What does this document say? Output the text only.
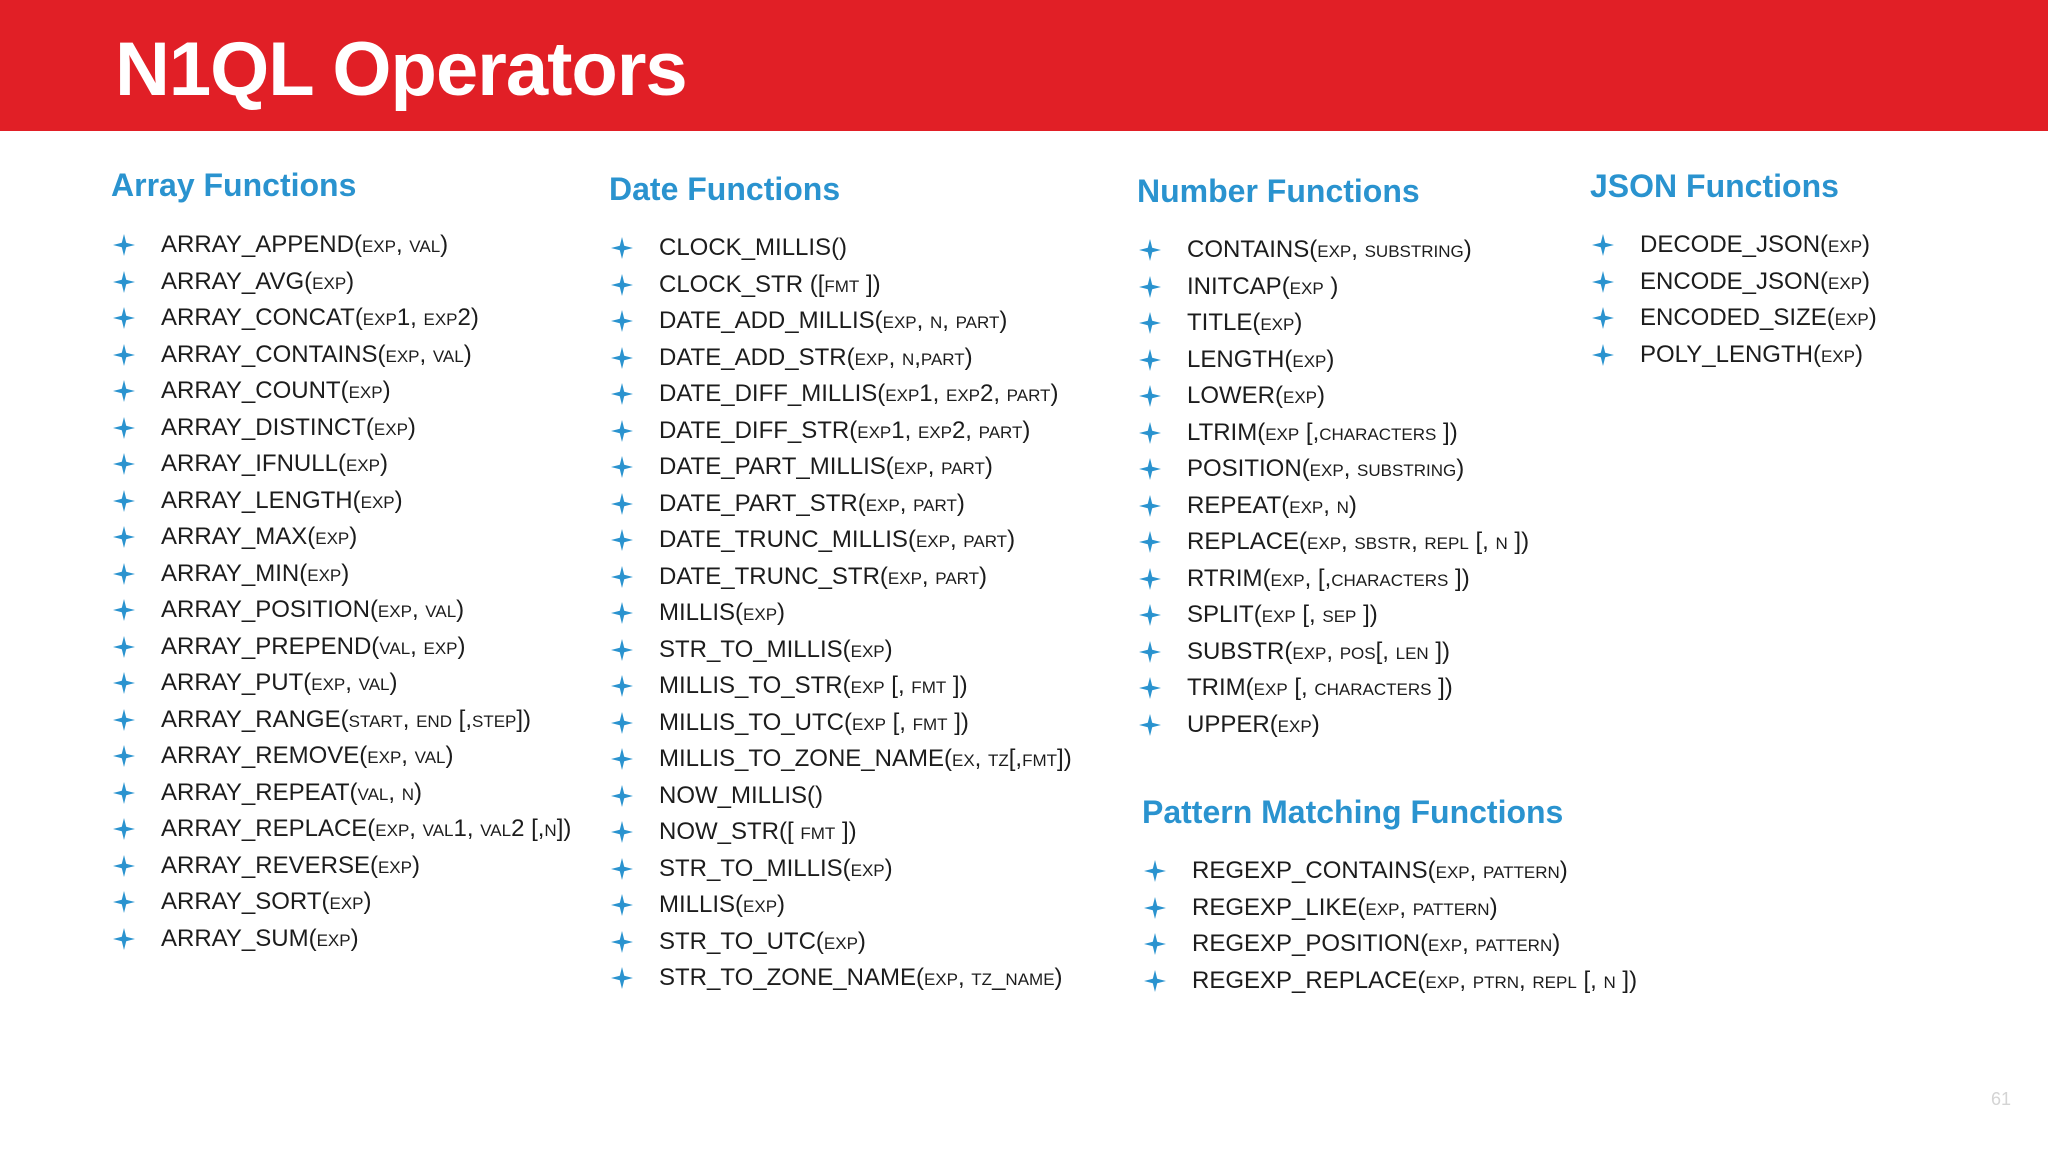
N1QL Operators
Array Functions
ARRAY_APPEND(exp, val)
ARRAY_AVG(exp)
ARRAY_CONCAT(exp1, exp2)
ARRAY_CONTAINS(exp, val)
ARRAY_COUNT(exp)
ARRAY_DISTINCT(exp)
ARRAY_IFNULL(exp)
ARRAY_LENGTH(exp)
ARRAY_MAX(exp)
ARRAY_MIN(exp)
ARRAY_POSITION(exp, val)
ARRAY_PREPEND(val, exp)
ARRAY_PUT(exp, val)
ARRAY_RANGE(start, end [,step])
ARRAY_REMOVE(exp, val)
ARRAY_REPEAT(val, n)
ARRAY_REPLACE(exp, val1, val2 [,n])
ARRAY_REVERSE(exp)
ARRAY_SORT(exp)
ARRAY_SUM(exp)
Date Functions
CLOCK_MILLIS()
CLOCK_STR ([fmt ])
DATE_ADD_MILLIS(exp, n, part)
DATE_ADD_STR(exp, n,part)
DATE_DIFF_MILLIS(exp1, exp2, part)
DATE_DIFF_STR(exp1, exp2, part)
DATE_PART_MILLIS(exp, part)
DATE_PART_STR(exp, part)
DATE_TRUNC_MILLIS(exp, part)
DATE_TRUNC_STR(exp, part)
MILLIS(exp)
STR_TO_MILLIS(exp)
MILLIS_TO_STR(exp [, fmt ])
MILLIS_TO_UTC(exp [, fmt ])
MILLIS_TO_ZONE_NAME(ex, tz[,fmt])
NOW_MILLIS()
NOW_STR([ fmt ])
STR_TO_MILLIS(exp)
MILLIS(exp)
STR_TO_UTC(exp)
STR_TO_ZONE_NAME(exp, tz_name)
Number Functions
CONTAINS(exp, substring)
INITCAP(exp )
TITLE(exp)
LENGTH(exp)
LOWER(exp)
LTRIM(exp [,characters ])
POSITION(exp, substring)
REPEAT(exp, n)
REPLACE(exp, sbstr, repl [, n ])
RTRIM(exp, [,characters ])
SPLIT(exp [, sep ])
SUBSTR(exp, pos[, len ])
TRIM(exp [, characters ])
UPPER(exp)
JSON Functions
DECODE_JSON(exp)
ENCODE_JSON(exp)
ENCODED_SIZE(exp)
POLY_LENGTH(exp)
Pattern Matching Functions
REGEXP_CONTAINS(exp, pattern)
REGEXP_LIKE(exp, pattern)
REGEXP_POSITION(exp, pattern)
REGEXP_REPLACE(exp, ptrn, repl [, n ])
61
